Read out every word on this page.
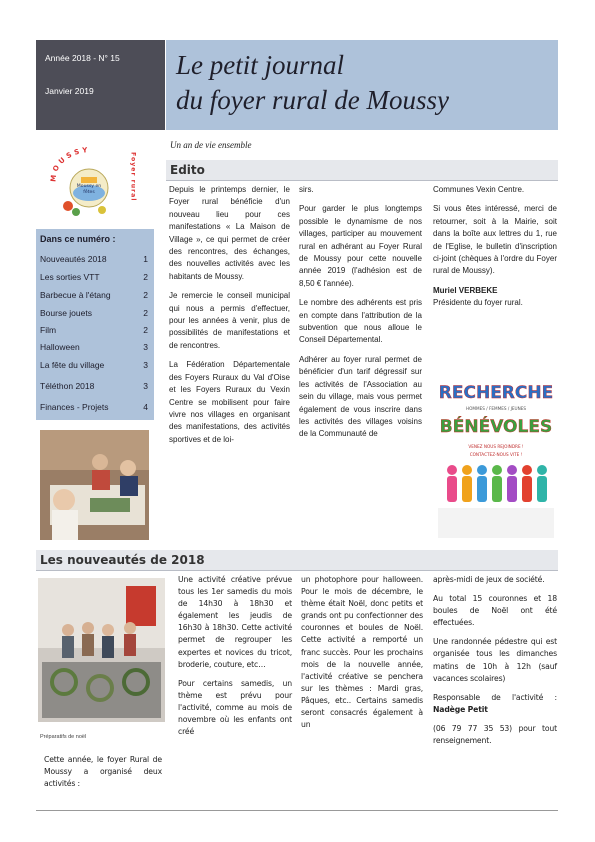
Année 2018 - N° 15
Janvier 2019
Le petit journal
du foyer rural de Moussy
Un an de vie ensemble
MOUSSY
Moussy en
fêtes	Foyer rural
Dans ce numéro :
Nouveautés 2018	1
Les sorties VTT	2
Barbecue à l'étang	2
Bourse jouets	2
Film	2
Halloween	3
La fête du village	3
Téléthon 2018	3
Finances - Projets	4
Edito

Depuis le printemps dernier, le Foyer rural bénéficie d'un nouveau lieu pour ces manifestations « La Maison de Village », ce qui permet de créer des rencontres, des échanges, des nouvelles activités avec les habitants de Moussy.

Je remercie le conseil municipal qui nous a permis d'effectuer, pour les années à venir, plus de possibilités de manifestations et de rencontres.

La Fédération Départementale des Foyers Ruraux du Val d'Oise et les Foyers Ruraux du Vexin Centre se mobilisent pour faire vivre nos villages en organisant des manifestations, des activités sportives et de loi-

sirs.

Pour garder le plus longtemps possible le dynamisme de nos villages, participer au mouvement rural en adhérant au Foyer Rural de Moussy pour cette nouvelle année 2019 (l'adhésion est de 8,50 € l'année).

Le nombre des adhérents est pris en compte dans l'attribution de la subvention que nous alloue le Conseil Départemental.

Adhérer au foyer rural permet de bénéficier d'un tarif dégressif sur les activités de l'Association au sein du village, mais vous permet également de vous inscrire dans les activités des villages voisins de la Communauté de

Communes Vexin Centre.

Si vous êtes intéressé, merci de retourner, soit à la Mairie, soit dans la boîte aux lettres du 1, rue de l'Eglise, le bulletin d'inscription ci-joint (chèques à l'ordre du Foyer rural de Moussy).

Muriel VERBEKE
Présidente du foyer rural.

RECHERCHE
HOMMES / FEMMES / JEUNES
BÉNÉVOLES
VENEZ NOUS REJOINDRE !
CONTACTEZ-NOUS VITE !
Les nouveautés de 2018
Préparatifs de noël

Cette année, le foyer Rural de Moussy a organisé deux activités :

Une activité créative prévue tous les 1er samedis du mois de 14h30 à 18h30 et également les jeudis de 16h30 à 18h30. Cette activité permet de regrouper les expertes et novices du tricot, broderie, couture, etc…

Pour certains samedis, un thème est prévu pour l'activité, comme au mois de novembre où les enfants ont créé

un photophore pour halloween. Pour le mois de décembre, le thème était Noël, donc petits et grands ont pu confectionner des couronnes et boules de Noël. Cette activité a remporté un franc succès. Pour les prochains mois de la nouvelle année, l'activité créative se penchera sur les thèmes : Mardi gras, Pâques, etc.. Certains samedis seront consacrés également à un

après-midi de jeux de société.

Au total 15 couronnes et 18 boules de Noël ont été effectuées.

Une randonnée pédestre qui est organisée tous les dimanches matins de 10h à 12h (sauf vacances scolaires)

Responsable de l'activité : Nadège Petit

(06 79 77 35 53) pour tout renseignement.
